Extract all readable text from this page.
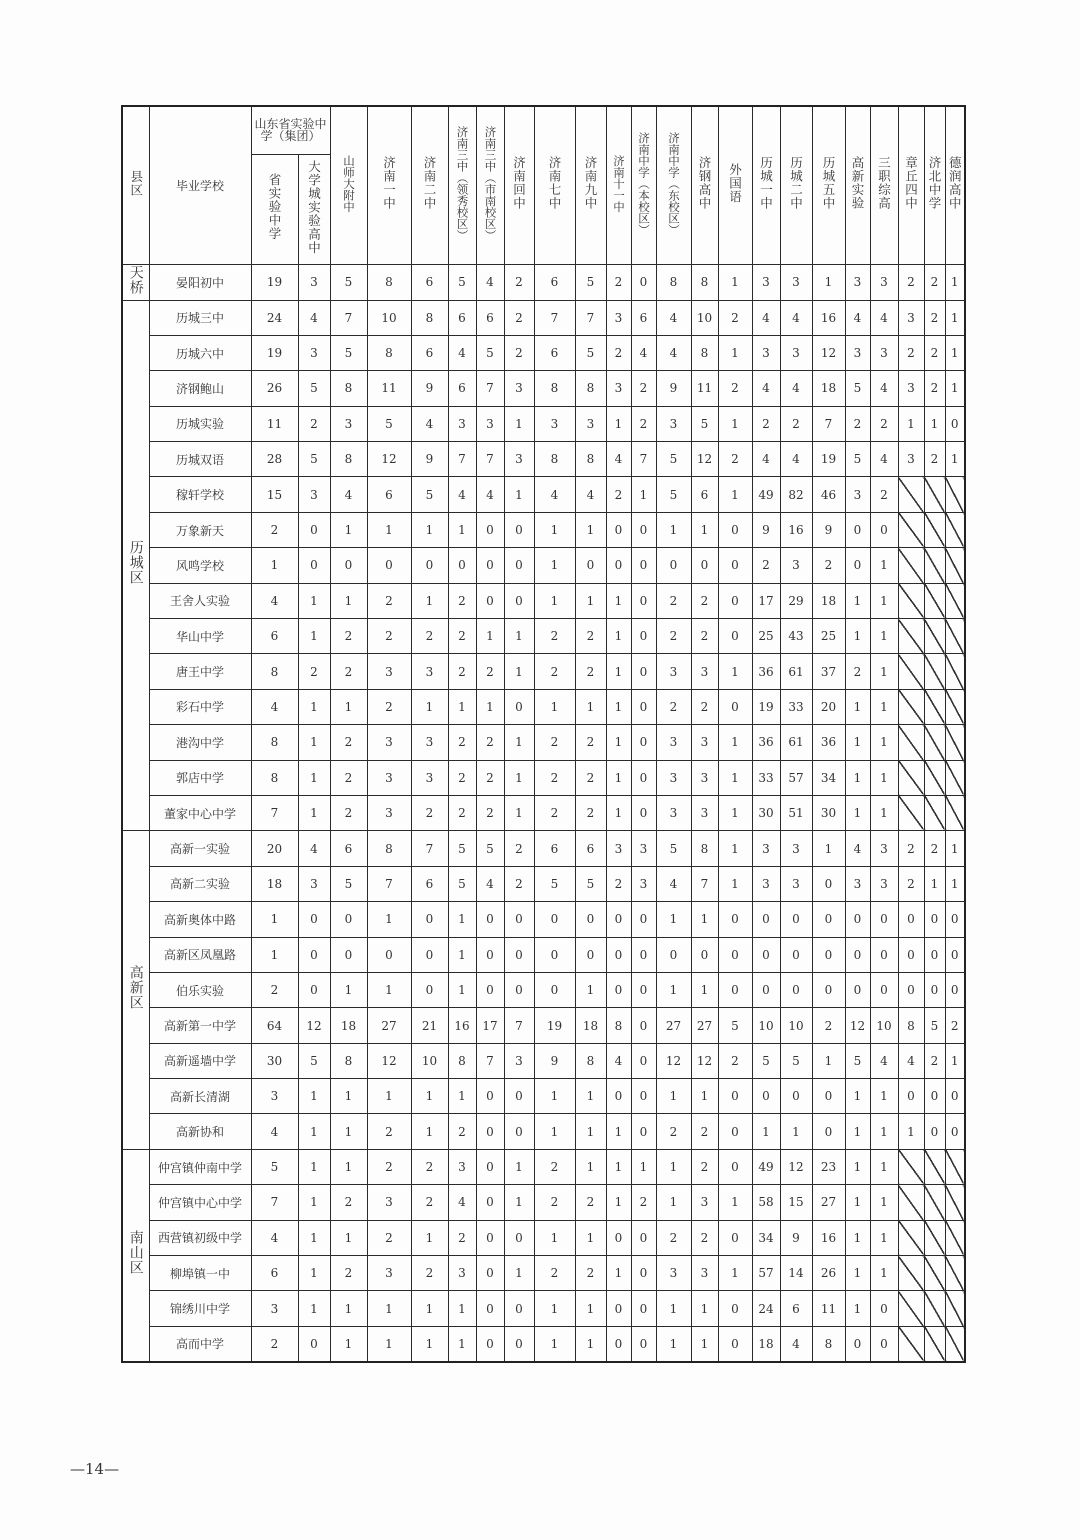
县区	毕业学校	山东省实验中学（集团）		山师大附中	济南一中	济南二中	济南三中（领秀校区）	济南三中（市南校区）	济南回中	济南七中	济南九中	济南十一中	济南中学（本校区）	济南中学（东校区）	济钢高中	外国语	历城一中	历城二中	历城五中	高新实验	三职综高	章丘四中	济北中学	德润高中
		省实验中学	大学城实验高中																					
天桥	晏阳初中	19	3	5	8	6	5	4	2	6	5	2	0	8	8	1	3	3	1	3	3	2	2	1
历城区	历城三中	24	4	7	10	8	6	6	2	7	7	3	6	4	10	2	4	4	16	4	4	3	2	1
	历城六中	19	3	5	8	6	4	5	2	6	5	2	4	4	8	1	3	3	12	3	3	2	2	1
	济钢鲍山	26	5	8	11	9	6	7	3	8	8	3	2	9	11	2	4	4	18	5	4	3	2	1
	历城实验	11	2	3	5	4	3	3	1	3	3	1	2	3	5	1	2	2	7	2	2	1	1	0
	历城双语	28	5	8	12	9	7	7	3	8	8	4	7	5	12	2	4	4	19	5	4	3	2	1
	稼轩学校	15	3	4	6	5	4	4	1	4	4	2	1	5	6	1	49	82	46	3	2			
	万象新天	2	0	1	1	1	1	0	0	1	1	0	0	1	1	0	9	16	9	0	0			
	风鸣学校	1	0	0	0	0	0	0	0	1	0	0	0	0	0	0	2	3	2	0	1			
	王舍人实验	4	1	1	2	1	2	0	0	1	1	1	0	2	2	0	17	29	18	1	1			
	华山中学	6	1	2	2	2	2	1	1	2	2	1	0	2	2	0	25	43	25	1	1			
	唐王中学	8	2	2	3	3	2	2	1	2	2	1	0	3	3	1	36	61	37	2	1			
	彩石中学	4	1	1	2	1	1	1	0	1	1	1	0	2	2	0	19	33	20	1	1			
	港沟中学	8	1	2	3	3	2	2	1	2	2	1	0	3	3	1	36	61	36	1	1			
	郭店中学	8	1	2	3	3	2	2	1	2	2	1	0	3	3	1	33	57	34	1	1			
	董家中心中学	7	1	2	3	2	2	2	1	2	2	1	0	3	3	1	30	51	30	1	1			
高新区	高新一实验	20	4	6	8	7	5	5	2	6	6	3	3	5	8	1	3	3	1	4	3	2	2	1
	高新二实验	18	3	5	7	6	5	4	2	5	5	2	3	4	7	1	3	3	0	3	3	2	1	1
	高新奥体中路	1	0	0	1	0	1	0	0	0	0	0	0	1	1	0	0	0	0	0	0	0	0	0
	高新区凤凰路	1	0	0	0	0	1	0	0	0	0	0	0	0	0	0	0	0	0	0	0	0	0	0
	伯乐实验	2	0	1	1	0	1	0	0	0	1	0	0	1	1	0	0	0	0	0	0	0	0	0
	高新第一中学	64	12	18	27	21	16	17	7	19	18	8	0	27	27	5	10	10	2	12	10	8	5	2
	高新遥墙中学	30	5	8	12	10	8	7	3	9	8	4	0	12	12	2	5	5	1	5	4	4	2	1
	高新长清湖	3	1	1	1	1	1	0	0	1	1	0	0	1	1	0	0	0	0	1	1	0	0	0
	高新协和	4	1	1	2	1	2	0	0	1	1	1	0	2	2	0	1	1	0	1	1	1	0	0
南山区	仲宫镇仲南中学	5	1	1	2	2	3	0	1	2	1	1	1	1	2	0	49	12	23	1	1			
	仲宫镇中心中学	7	1	2	3	2	4	0	1	2	2	1	2	1	3	1	58	15	27	1	1			
	西营镇初级中学	4	1	1	2	1	2	0	0	1	1	0	0	2	2	0	34	9	16	1	1			
	柳埠镇一中	6	1	2	3	2	3	0	1	2	2	1	0	3	3	1	57	14	26	1	1			
	锦绣川中学	3	1	1	1	1	1	0	0	1	1	0	0	1	1	0	24	6	11	1	0			
	高而中学	2	0	1	1	1	1	0	0	1	1	0	0	1	1	0	18	4	8	0	0			
—14—
